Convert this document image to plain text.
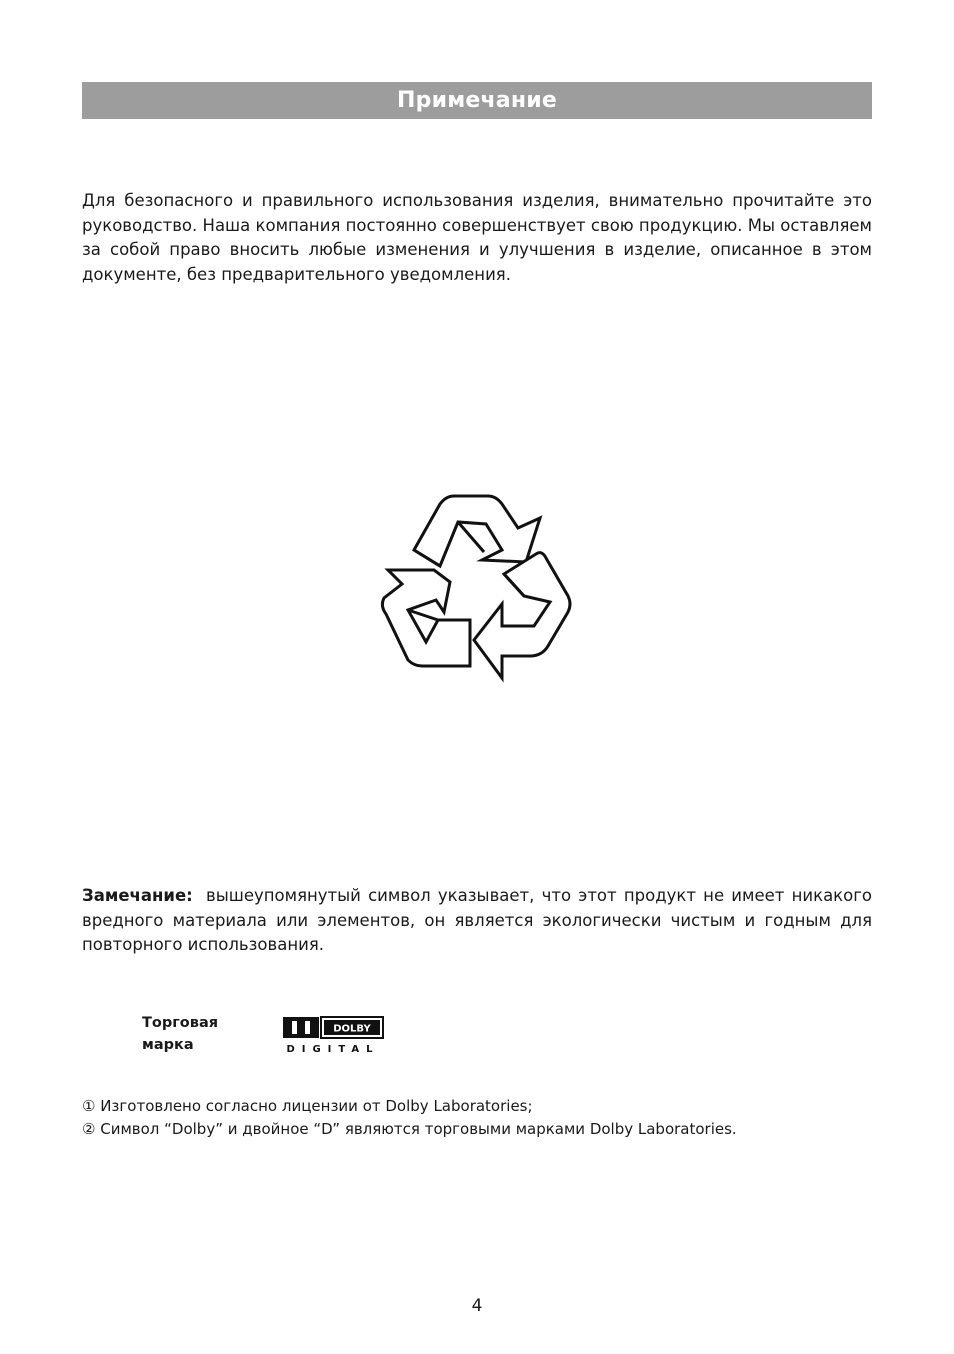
Примечание

Для безопасного и правильного использования изделия, внимательно прочитайте это руководство. Наша компания постоянно совершенствует свою продукцию. Мы оставляем за собой право вносить любые изменения и улучшения в изделие, описанное в этом документе, без предварительного уведомления.

Замечание: вышеупомянутый символ указывает, что этот продукт не имеет никакого вредного материала или элементов, он является экологически чистым и годным для повторного использования.

Торговая
марка
DOLBY
DIGITAL
① Изготовлено согласно лицензии от Dolby Laboratories;
② Символ “Dolby” и двойное “D” являются торговыми марками Dolby Laboratories.

4
